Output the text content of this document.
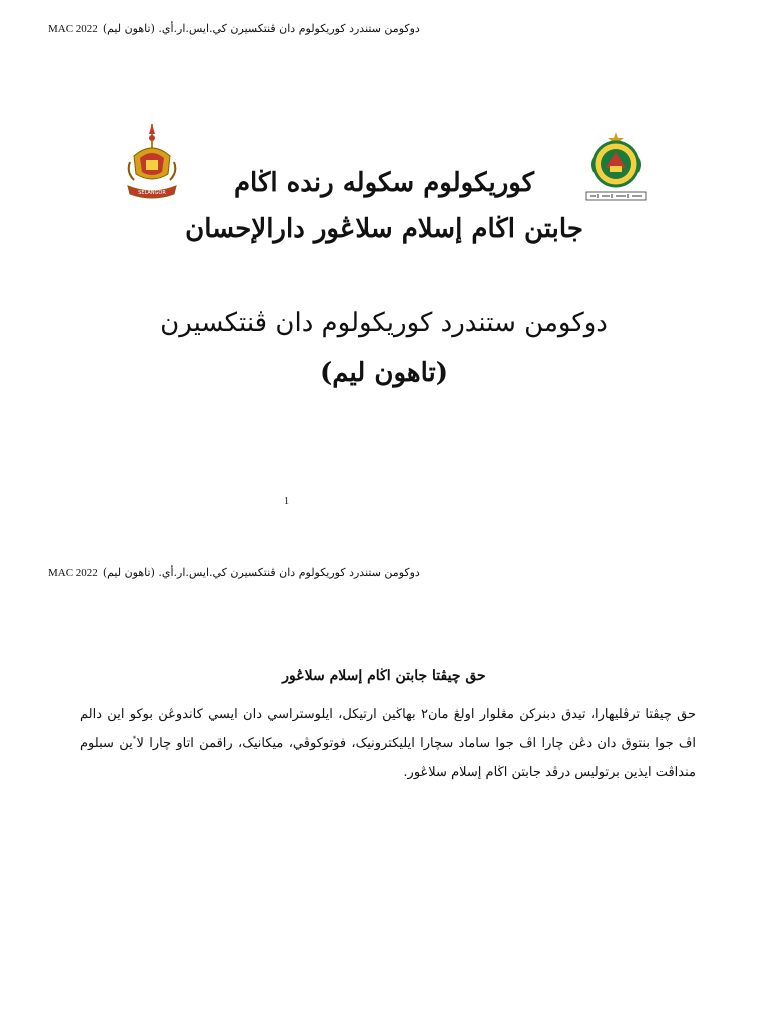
MAC 2022 دوكومن ستندرد كوريكولوم دان ڤنتكسيرن كي.ايس.ار.أي. (تاهون ليم)
SELANGOR	كوريكولوم سكوله رنده اڬام
جابتن اڬام إسلام سلاڠور دارالإحسان
دوكومن ستندرد كوريكولوم دان ڤنتكسيرن
(تاهون ليم)
1
MAC 2022 دوكومن ستندرد كوريكولوم دان ڤنتكسيرن كي.ايس.ار.أي. (تاهون ليم)
حق چيڤتا جابتن اڬام إسلام سلاڠور
حق چيڤتا ترڤليهارا، تيدق دبنركن مڠلوار اولڠ مان٢ بهاڬين ارتيکل، ايلوستراسي دان ايسي كاندوڠن بوكو اين دالم اڤ جوا بنتوق دان دڠن چارا اڤ جوا ساماد سچارا ايليکترونيک، فوتوكوڤي، ميكانيک، راقمن اتاو چارا لاٴين سبلوم منداڤت ايذين برتوليس درڤد جابتن اڬام إسلام سلاڠور.
